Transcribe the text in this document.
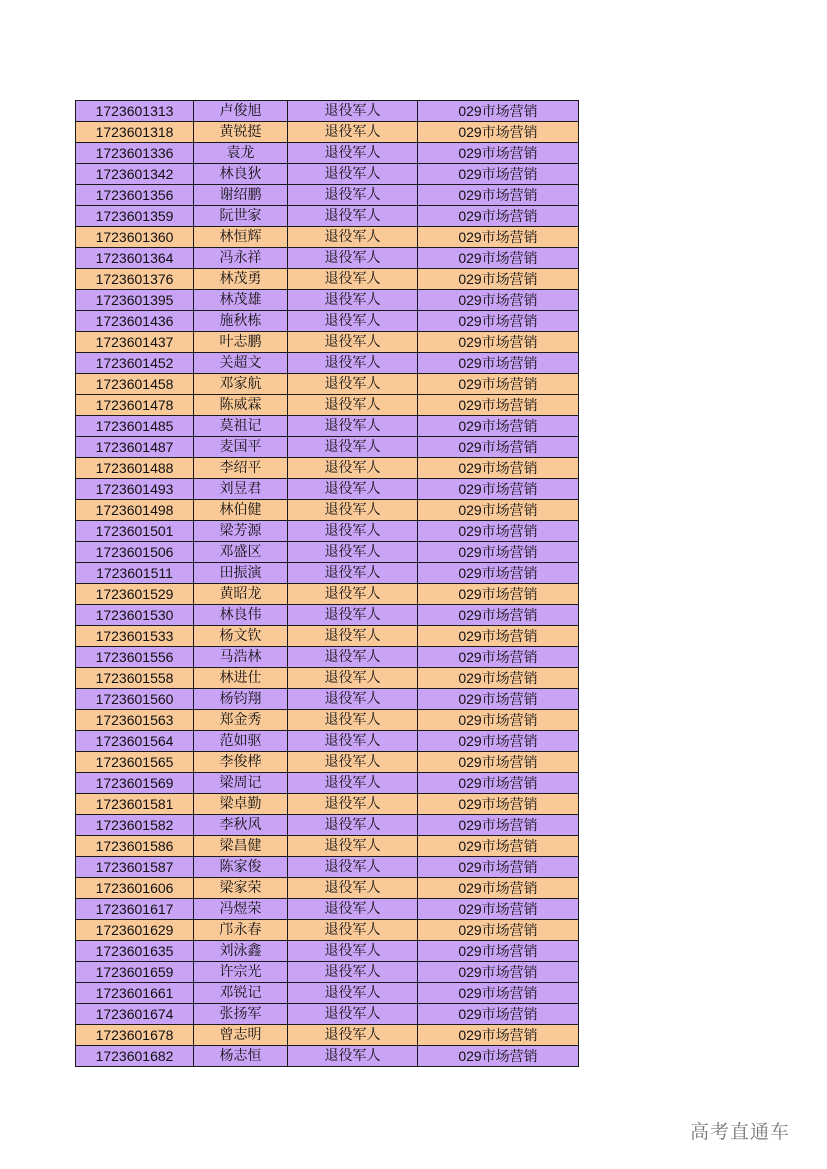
1723601313	卢俊旭	退役军人	029市场营销
1723601318	黄锐挺	退役军人	029市场营销
1723601336	袁龙	退役军人	029市场营销
1723601342	林良狄	退役军人	029市场营销
1723601356	谢绍鹏	退役军人	029市场营销
1723601359	阮世家	退役军人	029市场营销
1723601360	林恒辉	退役军人	029市场营销
1723601364	冯永祥	退役军人	029市场营销
1723601376	林茂勇	退役军人	029市场营销
1723601395	林茂雄	退役军人	029市场营销
1723601436	施秋栋	退役军人	029市场营销
1723601437	叶志鹏	退役军人	029市场营销
1723601452	关超文	退役军人	029市场营销
1723601458	邓家航	退役军人	029市场营销
1723601478	陈威霖	退役军人	029市场营销
1723601485	莫祖记	退役军人	029市场营销
1723601487	麦国平	退役军人	029市场营销
1723601488	李绍平	退役军人	029市场营销
1723601493	刘昱君	退役军人	029市场营销
1723601498	林伯健	退役军人	029市场营销
1723601501	梁芳源	退役军人	029市场营销
1723601506	邓盛区	退役军人	029市场营销
1723601511	田振演	退役军人	029市场营销
1723601529	黄昭龙	退役军人	029市场营销
1723601530	林良伟	退役军人	029市场营销
1723601533	杨文钦	退役军人	029市场营销
1723601556	马浩林	退役军人	029市场营销
1723601558	林进仕	退役军人	029市场营销
1723601560	杨钧翔	退役军人	029市场营销
1723601563	郑金秀	退役军人	029市场营销
1723601564	范如驱	退役军人	029市场营销
1723601565	李俊桦	退役军人	029市场营销
1723601569	梁周记	退役军人	029市场营销
1723601581	梁卓勤	退役军人	029市场营销
1723601582	李秋风	退役军人	029市场营销
1723601586	梁昌健	退役军人	029市场营销
1723601587	陈家俊	退役军人	029市场营销
1723601606	梁家荣	退役军人	029市场营销
1723601617	冯煜荣	退役军人	029市场营销
1723601629	邝永春	退役军人	029市场营销
1723601635	刘泳鑫	退役军人	029市场营销
1723601659	许宗光	退役军人	029市场营销
1723601661	邓锐记	退役军人	029市场营销
1723601674	张扬军	退役军人	029市场营销
1723601678	曾志明	退役军人	029市场营销
1723601682	杨志恒	退役军人	029市场营销
高考直通车
